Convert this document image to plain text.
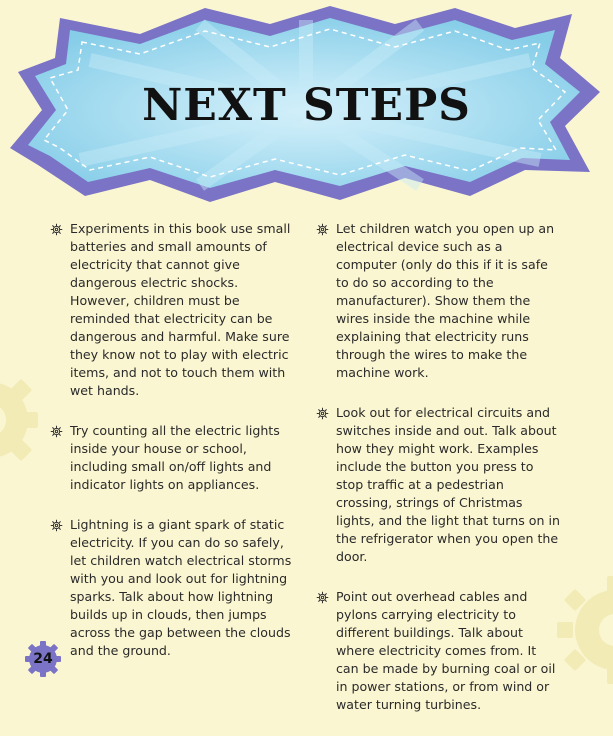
NEXT STEPS

Experiments in this book use small batteries and small amounts of electricity that cannot give dangerous electric shocks. However, children must be reminded that electricity can be dangerous and harmful. Make sure they know not to play with electric items, and not to touch them with wet hands.

Try counting all the electric lights inside your house or school, including small on/off lights and indicator lights on appliances.

Lightning is a giant spark of static electricity. If you can do so safely, let children watch electrical storms with you and look out for lightning sparks. Talk about how lightning builds up in clouds, then jumps across the gap between the clouds and the ground.

Let children watch you open up an electrical device such as a computer (only do this if it is safe to do so according to the manufacturer). Show them the wires inside the machine while explaining that electricity runs through the wires to make the machine work.

Look out for electrical circuits and switches inside and out. Talk about how they might work. Examples include the button you press to stop traffic at a pedestrian crossing, strings of Christmas lights, and the light that turns on in the refrigerator when you open the door.

Point out overhead cables and pylons carrying electricity to different buildings. Talk about where electricity comes from. It can be made by burning coal or oil in power stations, or from wind or water turning turbines.

24
